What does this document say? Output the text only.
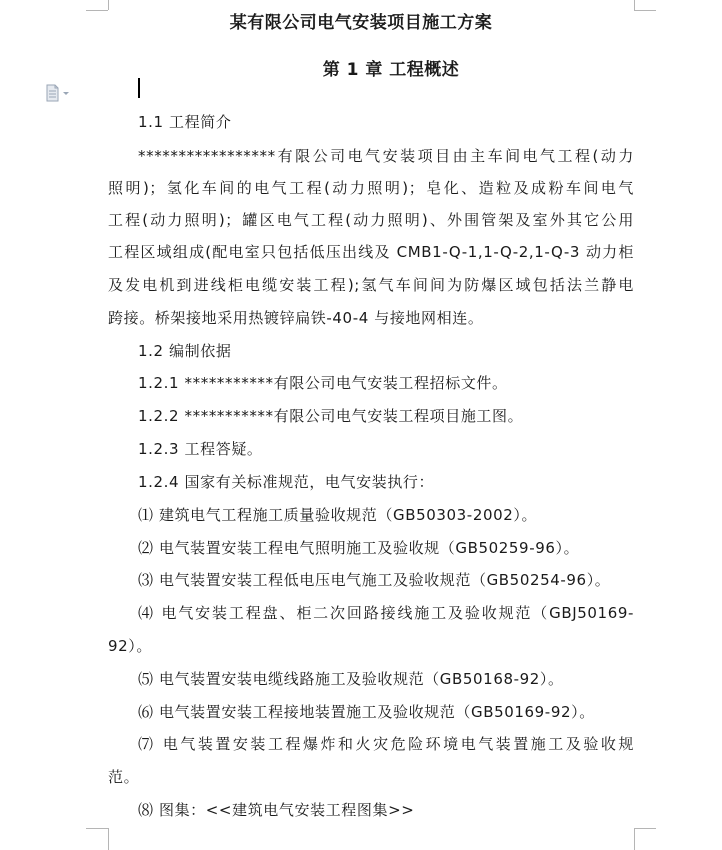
某有限公司电气安装项目施工方案
第 1 章 工程概述
1.1 工程简介
*****************有限公司电气安装项目由主车间电气工程(动力
照明)；氢化车间的电气工程(动力照明)；皂化、造粒及成粉车间电气
工程(动力照明)；罐区电气工程(动力照明)、外围管架及室外其它公用
工程区域组成(配电室只包括低压出线及 CMB1-Q-1,1-Q-2,1-Q-3 动力柜
及发电机到进线柜电缆安装工程);氢气车间间为防爆区域包括法兰静电
跨接。桥架接地采用热镀锌扁铁-40-4 与接地网相连。
1.2 编制依据
1.2.1 ***********有限公司电气安装工程招标文件。
1.2.2 ***********有限公司电气安装工程项目施工图。
1.2.3 工程答疑。
1.2.4 国家有关标准规范，电气安装执行：
⑴ 建筑电气工程施工质量验收规范（GB50303-2002）。
⑵ 电气装置安装工程电气照明施工及验收规（GB50259-96）。
⑶ 电气装置安装工程低电压电气施工及验收规范（GB50254-96）。
⑷ 电气安装工程盘、柜二次回路接线施工及验收规范（GBJ50169-
92）。
⑸ 电气装置安装电缆线路施工及验收规范（GB50168-92）。
⑹ 电气装置安装工程接地装置施工及验收规范（GB50169-92）。
⑺ 电气装置安装工程爆炸和火灾危险环境电气装置施工及验收规
范。
⑻ 图集：<<建筑电气安装工程图集>>
